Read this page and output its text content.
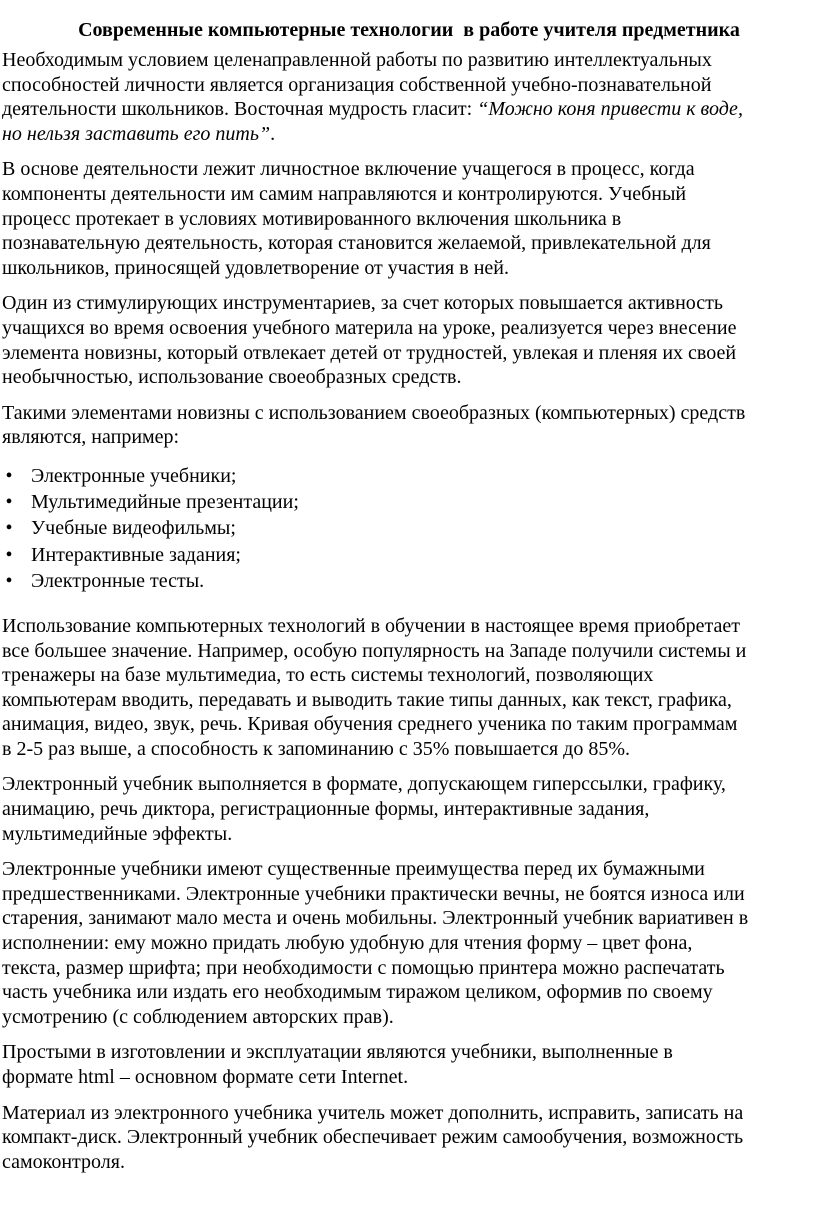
Современные компьютерные технологии  в работе учителя предметника
Необходимым условием целенаправленной работы по развитию интеллектуальных
способностей личности является организация собственной учебно-познавательной
деятельности школьников. Восточная мудрость гласит: “Можно коня привести к воде,
но нельзя заставить его пить”.
В основе деятельности лежит личностное включение учащегося в процесс, когда
компоненты деятельности им самим направляются и контролируются. Учебный
процесс протекает в условиях мотивированного включения школьника в
познавательную деятельность, которая становится желаемой, привлекательной для
школьников, приносящей удовлетворение от участия в ней.
Один из стимулирующих инструментариев, за счет которых повышается активность
учащихся во время освоения учебного материла на уроке, реализуется через внесение
элемента новизны, который отвлекает детей от трудностей, увлекая и пленяя их своей
необычностью, использование своеобразных средств.
Такими элементами новизны с использованием своеобразных (компьютерных) средств
являются, например:
• Электронные учебники;
• Мультимедийные презентации;
• Учебные видеофильмы;
• Интерактивные задания;
• Электронные тесты.
Использование компьютерных технологий в обучении в настоящее время приобретает
все большее значение. Например, особую популярность на Западе получили системы и
тренажеры на базе мультимедиа, то есть системы технологий, позволяющих
компьютерам вводить, передавать и выводить такие типы данных, как текст, графика,
анимация, видео, звук, речь. Кривая обучения среднего ученика по таким программам
в 2-5 раз выше, а способность к запоминанию с 35% повышается до 85%.
Электронный учебник выполняется в формате, допускающем гиперссылки, графику,
анимацию, речь диктора, регистрационные формы, интерактивные задания,
мультимедийные эффекты.
Электронные учебники имеют существенные преимущества перед их бумажными
предшественниками. Электронные учебники практически вечны, не боятся износа или
старения, занимают мало места и очень мобильны. Электронный учебник вариативен в
исполнении: ему можно придать любую удобную для чтения форму – цвет фона,
текста, размер шрифта; при необходимости с помощью принтера можно распечатать
часть учебника или издать его необходимым тиражом целиком, оформив по своему
усмотрению (с соблюдением авторских прав).
Простыми в изготовлении и эксплуатации являются учебники, выполненные в
формате html – основном формате сети Internet.
Материал из электронного учебника учитель может дополнить, исправить, записать на
компакт-диск. Электронный учебник обеспечивает режим самообучения, возможность
самоконтроля.
